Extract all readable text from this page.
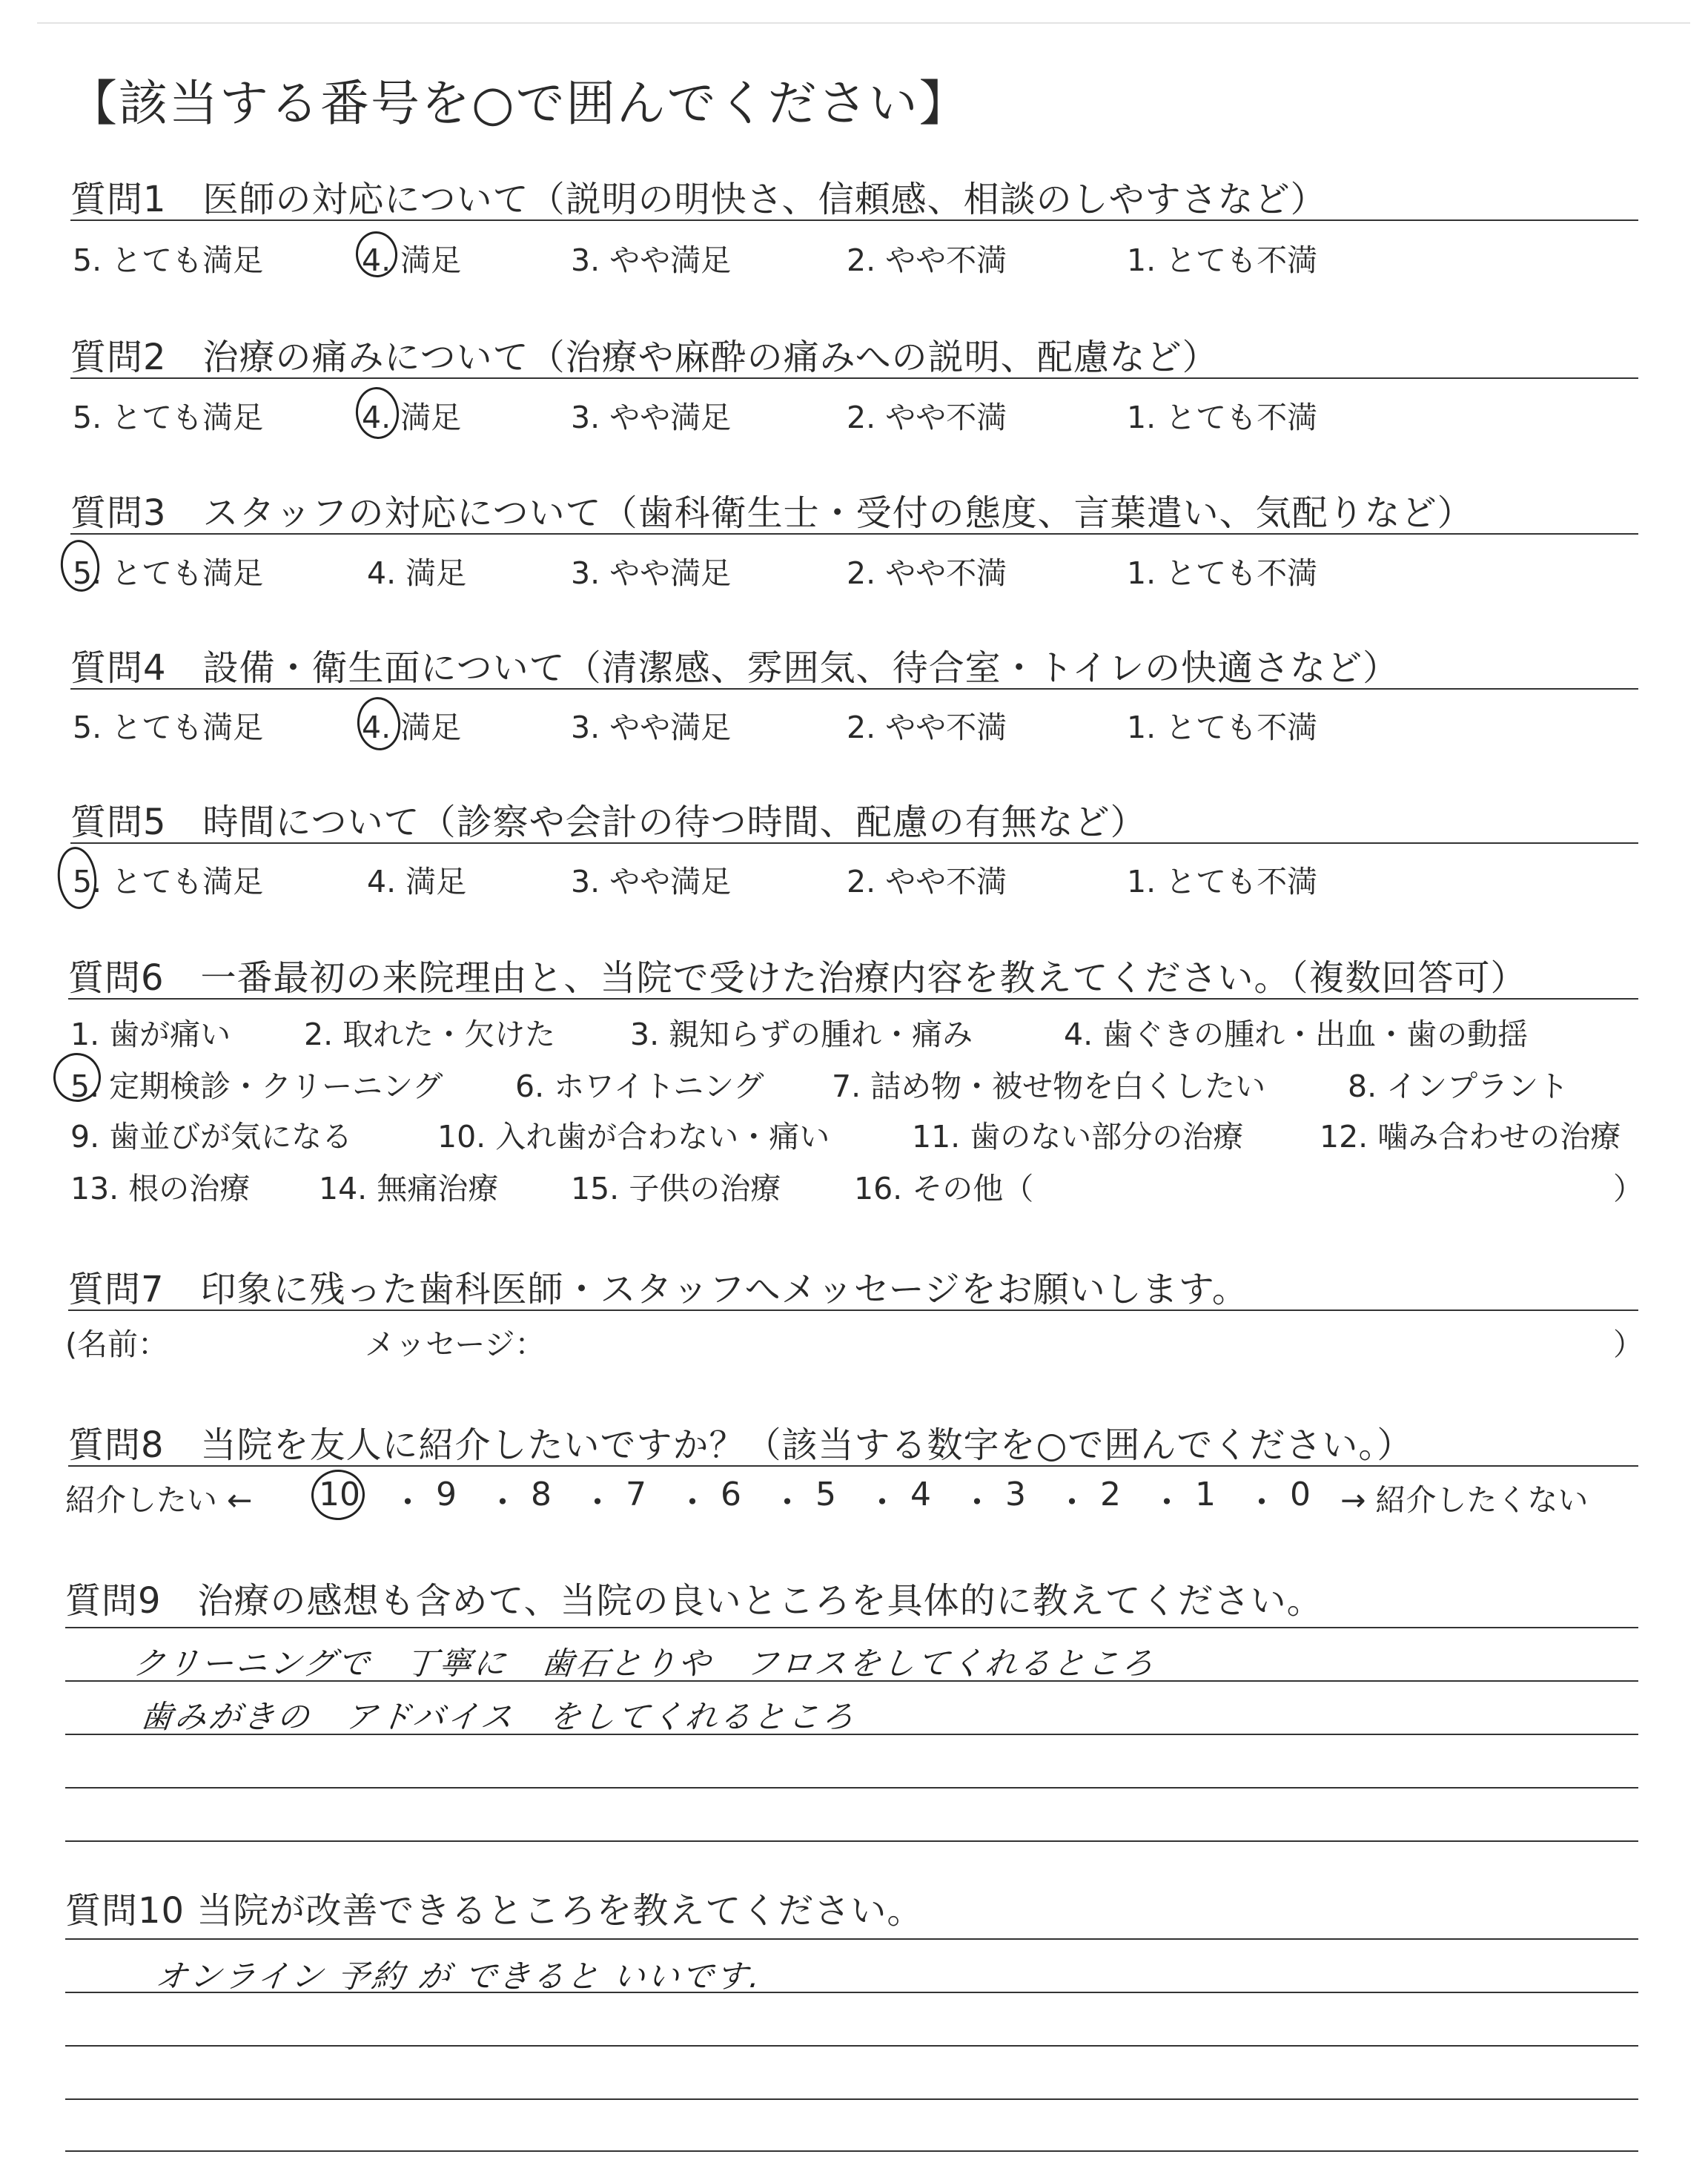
【該当する番号を○で囲んでください】
質問1　医師の対応について（説明の明快さ、信頼感、相談のしやすさなど）
5. とても満足	4. 満足	3. やや満足	2. やや不満	1. とても不満
質問2　治療の痛みについて（治療や麻酔の痛みへの説明、配慮など）
5. とても満足	4. 満足	3. やや満足	2. やや不満	1. とても不満
質問3　スタッフの対応について（歯科衛生士・受付の態度、言葉遣い、気配りなど）
5. とても満足	4. 満足	3. やや満足	2. やや不満	1. とても不満
質問4　設備・衛生面について（清潔感、雰囲気、待合室・トイレの快適さなど）
5. とても満足	4. 満足	3. やや満足	2. やや不満	1. とても不満
質問5　時間について（診察や会計の待つ時間、配慮の有無など）
5. とても満足	4. 満足	3. やや満足	2. やや不満	1. とても不満
質問6　一番最初の来院理由と、当院で受けた治療内容を教えてください。（複数回答可）
1. 歯が痛い 2. 取れた・欠けた 3. 親知らずの腫れ・痛み	4. 歯ぐきの腫れ・出血・歯の動揺
5. 定期検診・クリーニング 6. ホワイトニング 7. 詰め物・被せ物を白くしたい	8. インプラント
9. 歯並びが気になる	10. 入れ歯が合わない・痛い	11. 歯のない部分の治療	12. 噛み合わせの治療
13. 根の治療 14. 無痛治療 15. 子供の治療 16. その他（	）
質問7　印象に残った歯科医師・スタッフへメッセージをお願いします。
(名前：	メッセージ：	）
質問8　当院を友人に紹介したいですか？（該当する数字を○で囲んでください。）
紹介したい ← 10 ・ 9 ・ 8 ・ 7 ・ 6 ・ 5 ・ 4 ・ 3 ・ 2 ・ 1 ・ 0 → 紹介したくない
質問9　治療の感想も含めて、当院の良いところを具体的に教えてください。
クリーニングで　丁寧に　歯石とりや　フロスをしてくれるところ
歯みがきの　アドバイス　をしてくれるところ
質問10 当院が改善できるところを教えてください。
オンライン 予約 が できると いいです.
